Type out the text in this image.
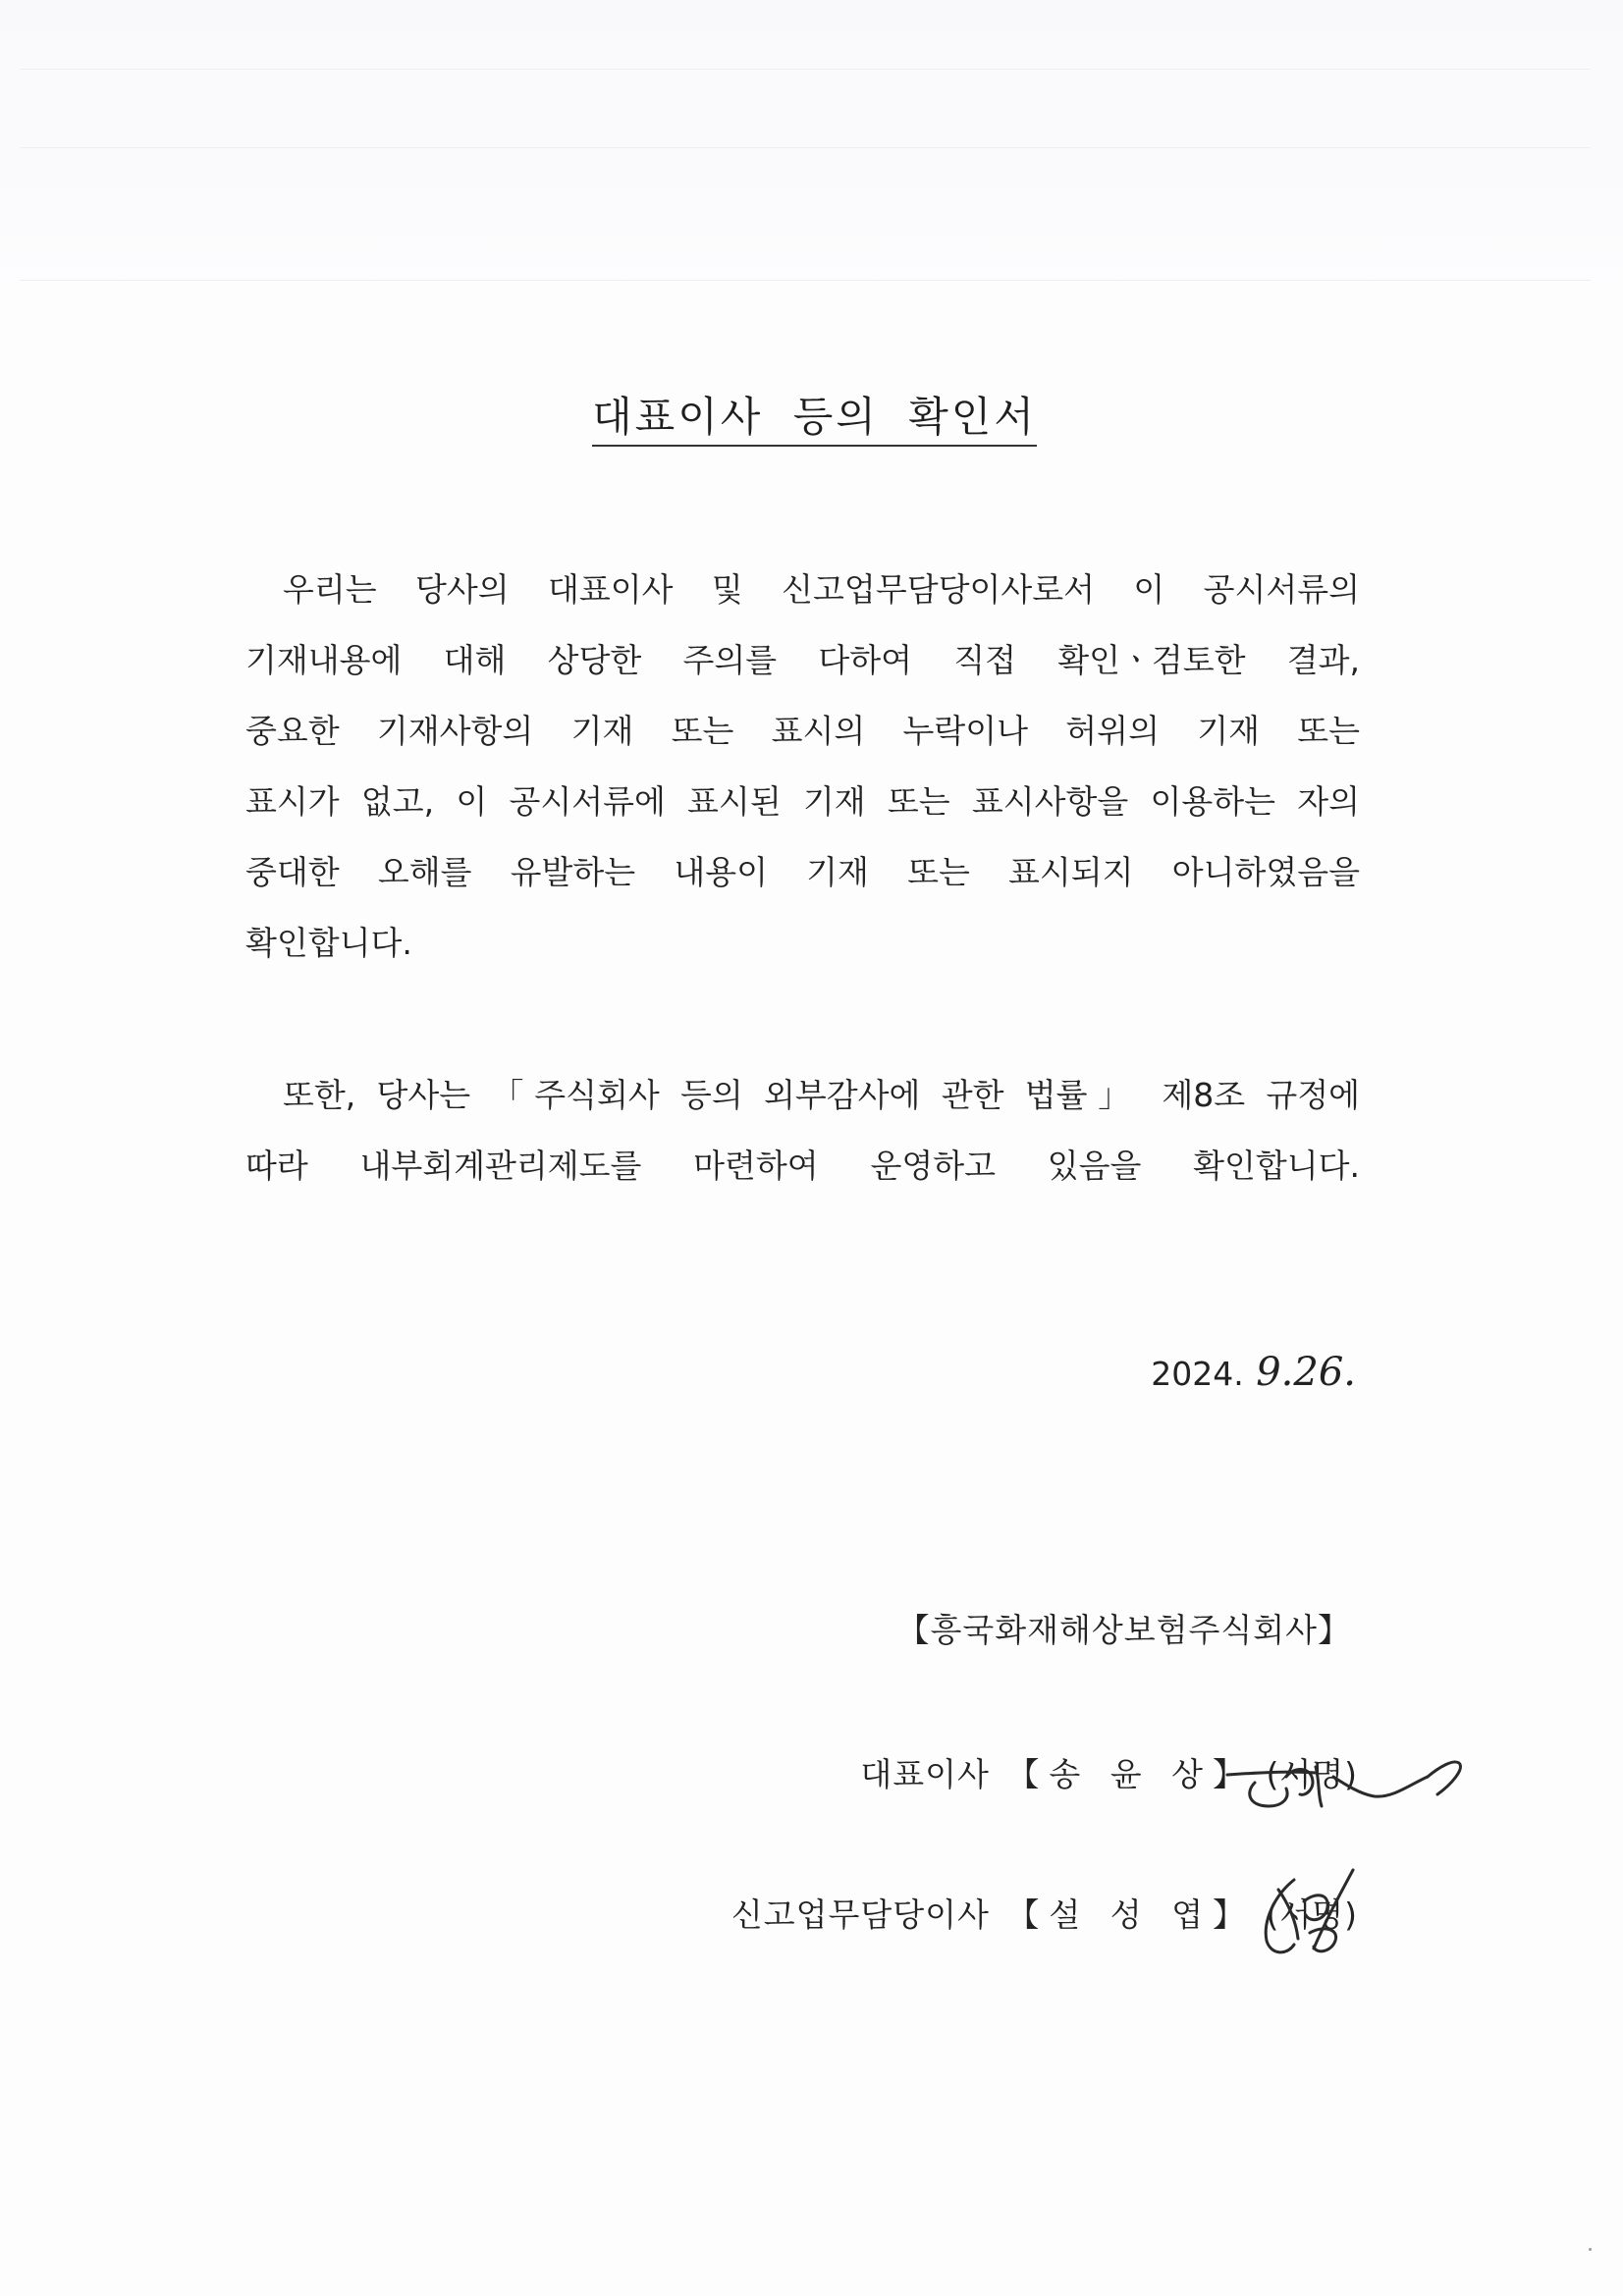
대표이사 등의 확인서
우리는 당사의 대표이사 및 신고업무담당이사로서 이 공시서류의
기재내용에 대해 상당한 주의를 다하여 직접 확인ㆍ검토한 결과,
중요한 기재사항의 기재 또는 표시의 누락이나 허위의 기재 또는
표시가 없고, 이 공시서류에 표시된 기재 또는 표시사항을 이용하는 자의
중대한 오해를 유발하는 내용이 기재 또는 표시되지 아니하였음을
확인합니다.
또한, 당사는 「주식회사 등의 외부감사에 관한 법률」 제8조 규정에
따라 내부회계관리제도를 마련하여 운영하고 있음을 확인합니다.
2024. 9.26.
【흥국화재해상보험주식회사】
대표이사 【송 윤 상】 (서명)
신고업무담당이사 【설 성 엽】 (서명)
